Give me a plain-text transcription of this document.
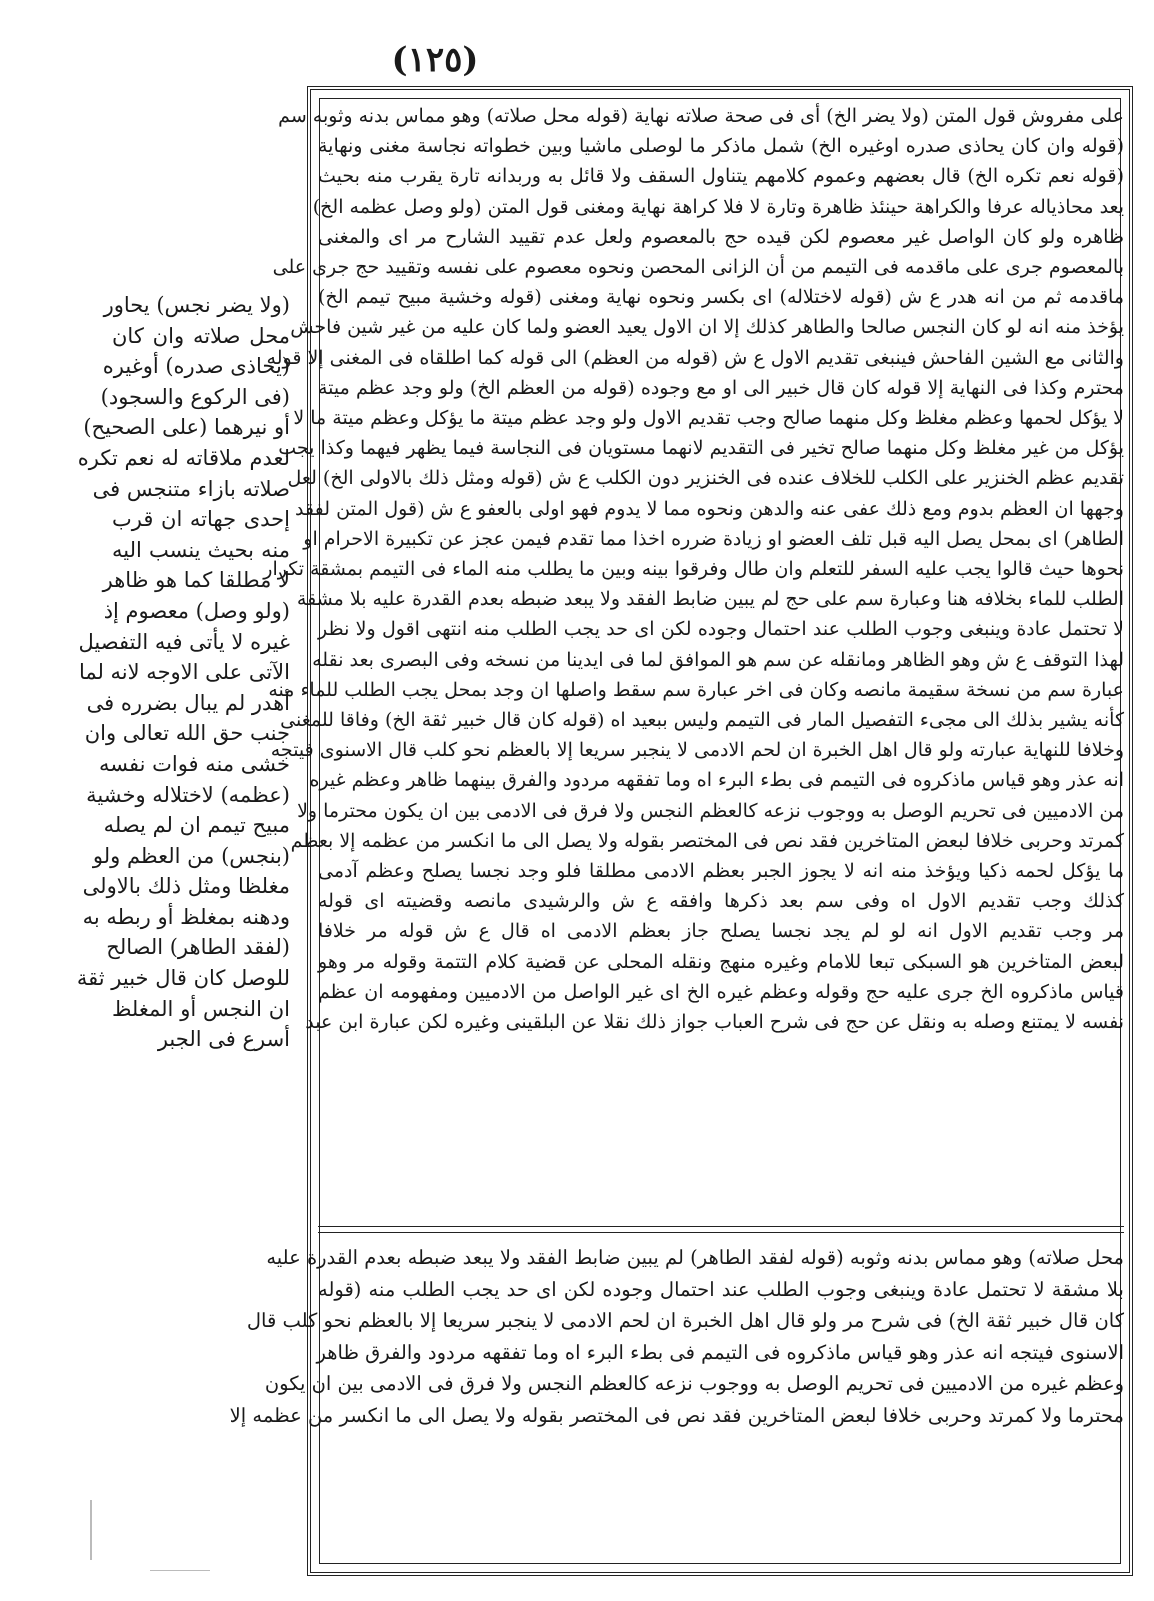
(١٢٥)

على مفروش قول المتن (ولا يضر الخ) أى فى صحة صلاته نهاية (قوله محل صلاته) وهو مماس بدنه وثوبه سم

(قوله وان كان يحاذى صدره اوغيره الخ) شمل ماذكر ما لوصلى ماشيا وبين خطواته نجاسة مغنى ونهاية

(قوله نعم تكره الخ) قال بعضهم وعموم كلامهم يتناول السقف ولا قائل به وربدانه تارة يقرب منه بحيث

يعد محاذياله عرفا والكراهة حينئذ ظاهرة وتارة لا فلا كراهة نهاية ومغنى قول المتن (ولو وصل عظمه الخ)

ظاهره ولو كان الواصل غير معصوم لكن قيده حج بالمعصوم ولعل عدم تقييد الشارح مر اى والمغنى

بالمعصوم جرى على ماقدمه فى التيمم من أن الزانى المحصن ونحوه معصوم على نفسه وتقييد حج جرى على

ماقدمه ثم من انه هدر ع ش (قوله لاختلاله) اى بكسر ونحوه نهاية ومغنى (قوله وخشية مبيح تيمم الخ)

يؤخذ منه انه لو كان النجس صالحا والطاهر كذلك إلا ان الاول يعيد العضو ولما كان عليه من غير شين فاحش

والثانى مع الشين الفاحش فينبغى تقديم الاول ع ش (قوله من العظم) الى قوله كما اطلقاه فى المغنى إلا قوله

محترم وكذا فى النهاية إلا قوله كان قال خبير الى او مع وجوده (قوله من العظم الخ) ولو وجد عظم ميتة

لا يؤكل لحمها وعظم مغلظ وكل منهما صالح وجب تقديم الاول ولو وجد عظم ميتة ما يؤكل وعظم ميتة ما لا

يؤكل من غير مغلظ وكل منهما صالح تخير فى التقديم لانهما مستويان فى النجاسة فيما يظهر فيهما وكذا يجب

تقديم عظم الخنزير على الكلب للخلاف عنده فى الخنزير دون الكلب ع ش (قوله ومثل ذلك بالاولى الخ) لعل

وجهها ان العظم بدوم ومع ذلك عفى عنه والدهن ونحوه مما لا يدوم فهو اولى بالعفو ع ش (قول المتن لفقد

الطاهر) اى بمحل يصل اليه قبل تلف العضو او زيادة ضرره اخذا مما تقدم فيمن عجز عن تكبيرة الاحرام او

نحوها حيث قالوا يجب عليه السفر للتعلم وان طال وفرقوا بينه وبين ما يطلب منه الماء فى التيمم بمشقة تكرار

الطلب للماء بخلافه هنا وعبارة سم على حج لم يبين ضابط الفقد ولا يبعد ضبطه بعدم القدرة عليه بلا مشقة

لا تحتمل عادة وينبغى وجوب الطلب عند احتمال وجوده لكن اى حد يجب الطلب منه انتهى اقول ولا نظر

لهذا التوقف ع ش وهو الظاهر ومانقله عن سم هو الموافق لما فى ايدينا من نسخه وفى البصرى بعد نقله

عبارة سم من نسخة سقيمة مانصه وكان فى اخر عبارة سم سقط واصلها ان وجد بمحل يجب الطلب للماء منه

كأنه يشير بذلك الى مجىء التفصيل المار فى التيمم وليس ببعيد اه (قوله كان قال خبير ثقة الخ) وفاقا للمغنى

وخلافا للنهاية عبارته ولو قال اهل الخبرة ان لحم الادمى لا ينجبر سريعا إلا بالعظم نحو كلب قال الاسنوى فيتجه

انه عذر وهو قياس ماذكروه فى التيمم فى بطء البرء اه وما تفقهه مردود والفرق بينهما ظاهر وعظم غيره

من الادميين فى تحريم الوصل به ووجوب نزعه كالعظم النجس ولا فرق فى الادمى بين ان يكون محترما ولا

كمرتد وحربى خلافا لبعض المتاخرين فقد نص فى المختصر بقوله ولا يصل الى ما انكسر من عظمه إلا بعظم

ما يؤكل لحمه ذكيا ويؤخذ منه انه لا يجوز الجبر بعظم الادمى مطلقا فلو وجد نجسا يصلح وعظم آدمى

كذلك وجب تقديم الاول اه وفى سم بعد ذكرها وافقه ع ش والرشيدى مانصه وقضيته اى قوله

مر وجب تقديم الاول انه لو لم يجد نجسا يصلح جاز بعظم الادمى اه قال ع ش قوله مر خلافا

لبعض المتاخرين هو السبكى تبعا للامام وغيره منهج ونقله المحلى عن قضية كلام التتمة وقوله مر وهو

قياس ماذكروه الخ جرى عليه حج وقوله وعظم غيره الخ اى غير الواصل من الادميين ومفهومه ان عظم

نفسه لا يمتنع وصله به ونقل عن حج فى شرح العباب جواز ذلك نقلا عن البلقينى وغيره لكن عبارة ابن عبد

محل صلاته) وهو مماس بدنه وثوبه (قوله لفقد الطاهر) لم يبين ضابط الفقد ولا يبعد ضبطه بعدم القدرة عليه

بلا مشقة لا تحتمل عادة وينبغى وجوب الطلب عند احتمال وجوده لكن اى حد يجب الطلب منه (قوله

كان قال خبير ثقة الخ) فى شرح مر ولو قال اهل الخبرة ان لحم الادمى لا ينجبر سريعا إلا بالعظم نحو كلب قال

الاسنوى فيتجه انه عذر وهو قياس ماذكروه فى التيمم فى بطء البرء اه وما تفقهه مردود والفرق ظاهر

وعظم غيره من الادميين فى تحريم الوصل به ووجوب نزعه كالعظم النجس ولا فرق فى الادمى بين ان يكون

محترما ولا كمرتد وحربى خلافا لبعض المتاخرين فقد نص فى المختصر بقوله ولا يصل الى ما انكسر من عظمه إلا

(ولا يضر نجس) يحاور

محل صلاته وان كان

(يحاذى صدره) أوغيره

(فى الركوع والسجود)

أو نيرهما (على الصحيح)

لعدم ملاقاته له نعم تكره

صلاته بازاء متنجس فى

إحدى جهاته ان قرب

منه بحيث ينسب اليه

لا مطلقا كما هو ظاهر

(ولو وصل) معصوم إذ

غيره لا يأتى فيه التفصيل

الآتى على الاوجه لانه لما

أهدر لم يبال بضرره فى

جنب حق الله تعالى وان

خشى منه فوات نفسه

(عظمه) لاختلاله وخشية

مبيح تيمم ان لم يصله

(بنجس) من العظم ولو

مغلظا ومثل ذلك بالاولى

ودهنه بمغلظ أو ربطه به

(لفقد الطاهر) الصالح

للوصل كان قال خبير ثقة

ان النجس أو المغلظ

أسرع فى الجبر
